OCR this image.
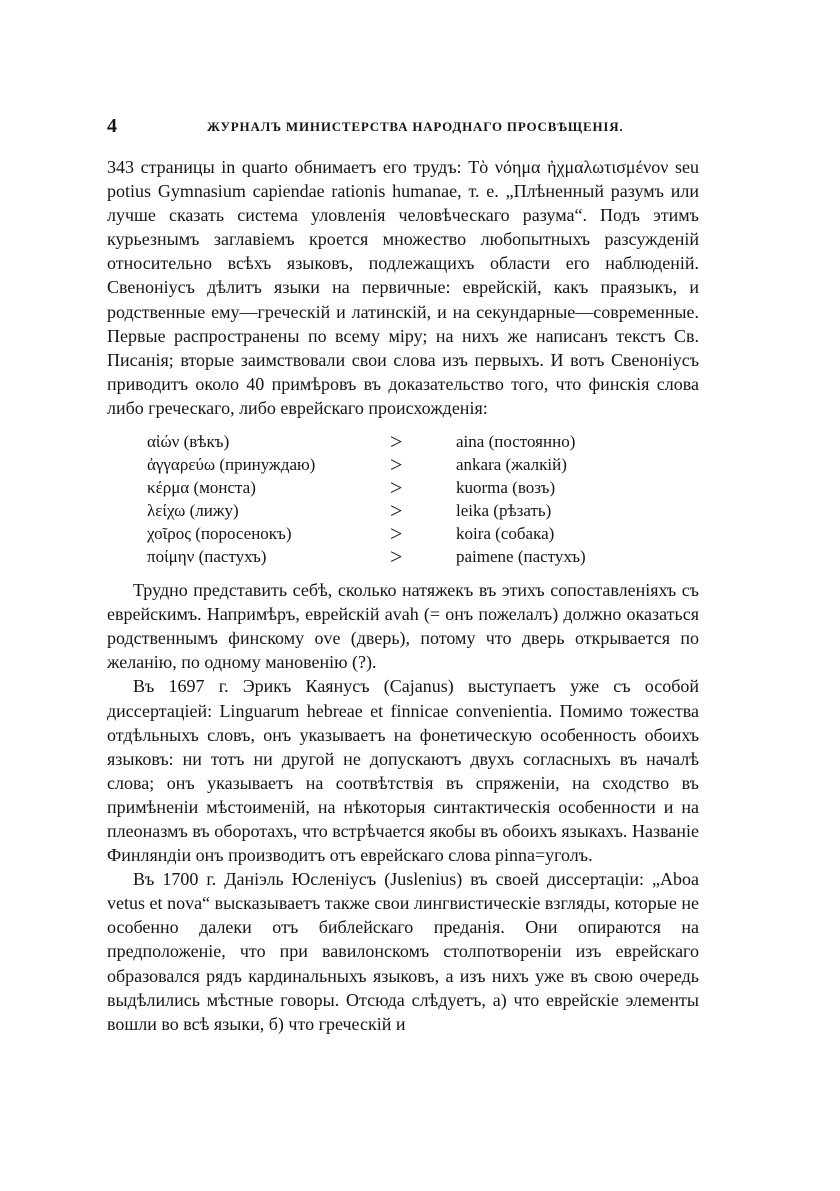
4	ЖУРНАЛЪ МИНИСТЕРСТВА НАРОДНАГО ПРОСВѢЩЕНІЯ.

343 страницы in quarto обнимаетъ его трудъ: Τὸ νόημα ἠχμαλωτισμένον seu potius Gymnasium capiendae rationis humanae, т. е. „Плѣненный разумъ или лучше сказать система уловленія человѣческаго разума“. Подъ этимъ курьезнымъ заглавіемъ кроется множество любопытныхъ разсужденій относительно всѣхъ языковъ, подлежащихъ области его наблюденій. Свенонiусъ дѣлитъ языки на первичные: еврейскій, какъ праязыкъ, и родственные ему—греческій и латинскій, и на секундарные—современные. Первые распространены по всему міру; на нихъ же написанъ текстъ Св. Писанія; вторые заимствовали свои слова изъ первыхъ. И вотъ Свенонiусъ приводитъ около 40 примѣровъ въ доказательство того, что финскія слова либо греческаго, либо еврейскаго происхожденія:

αἰών (вѣкъ)	>	aina (постоянно)
ἀγγαρεύω (принуждаю)	>	ankara (жалкій)
κέρμα (монста)	>	kuorma (возъ)
λείχω (лижу)	>	leika (рѣзать)
χοῖρος (поросенокъ)	>	koira (собака)
ποίμην (пастухъ)	>	paimene (пастухъ)

Трудно представить себѣ, сколько натяжекъ въ этихъ сопоставленіяхъ съ еврейскимъ. Напримѣръ, еврейскій avah (= онъ пожелалъ) должно оказаться родственнымъ финскому ove (дверь), потому что дверь открывается по желанію, по одному мановенію (?).

Въ 1697 г. Эрикъ Каянусъ (Cajanus) выступаетъ уже съ особой диссертаціей: Linguarum hebreae et finnicae convenientia. Помимо тожества отдѣльныхъ словъ, онъ указываетъ на фонетическую особенность обоихъ языковъ: ни тотъ ни другой не допускаютъ двухъ согласныхъ въ началѣ слова; онъ указываетъ на соотвѣтствія въ спряженіи, на сходство въ примѣненіи мѣстоименій, на нѣкоторыя синтактическія особенности и на плеоназмъ въ оборотахъ, что встрѣчается якобы въ обоихъ языкахъ. Названіе Финляндіи онъ производитъ отъ еврейскаго слова pinna=уголъ.

Въ 1700 г. Даніэль Юсленіусъ (Juslenius) въ своей диссертаціи: „Aboa vetus et nova“ высказываетъ также свои лингвистическіе взгляды, которые не особенно далеки отъ библейскаго преданія. Они опираются на предположеніе, что при вавилонскомъ столпотвореніи изъ еврейскаго образовался рядъ кардинальныхъ языковъ, а изъ нихъ уже въ свою очередь выдѣлились мѣстные говоры. Отсюда слѣдуетъ, а) что еврейскіе элементы вошли во всѣ языки, б) что греческій и
